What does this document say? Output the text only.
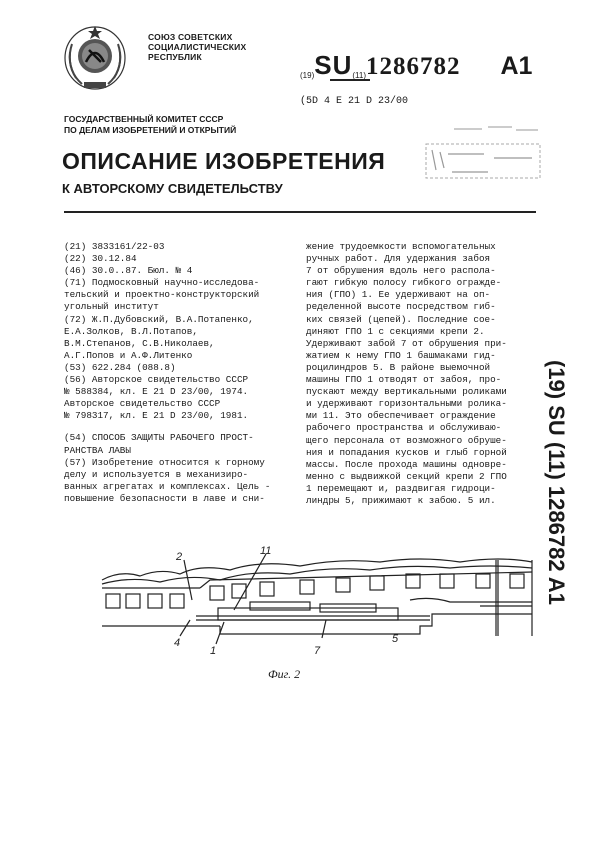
СОЮЗ СОВЕТСКИХ
СОЦИАЛИСТИЧЕСКИХ
РЕСПУБЛИК
$_{(19)}SU_{(11)}1286782$ A1
(5D 4 E 21 D 23/00
ГОСУДАРСТВЕННЫЙ КОМИТЕТ СССР
ПО ДЕЛАМ ИЗОБРЕТЕНИЙ И ОТКРЫТИЙ
ОПИСАНИЕ ИЗОБРЕТЕНИЯ
К АВТОРСКОМУ СВИДЕТЕЛЬСТВУ
(21) 3833161/22-03
(22) 30.12.84
(46) 30.0..87. Бюл. № 4
(71) Подмосковный научно-исследова-
тельский и проектно-конструкторский
угольный институт
(72) Ж.П.Дубовский, В.А.Потапенко,
Е.А.Золков, В.Л.Потапов,
В.М.Степанов, С.В.Николаев,
А.Г.Попов и А.Ф.Литенко
(53) 622.284 (088.8)
(56) Авторское свидетельство СССР
№ 588384, кл. Е 21 D 23/00, 1974.
Авторское свидетельство СССР
№ 798317, кл. Е 21 D 23/00, 1981.
(54) СПОСОБ ЗАЩИТЫ РАБОЧЕГО ПРОСТ-
РАНСТВА ЛАВЫ
(57) Изобретение относится к горному
делу и используется в механизиро-
ванных агрегатах и комплексах. Цель -
повышение безопасности в лаве и сни-
жение трудоемкости вспомогательных
ручных работ. Для удержания забоя
7 от обрушения вдоль него распола-
гают гибкую полосу гибкого огражде-
ния (ГПО) 1. Ее удерживают на оп-
ределенной высоте посредством гиб-
ких связей (цепей). Последние сое-
диняют ГПО 1 с секциями крепи 2.
Удерживают забой 7 от обрушения при-
жатием к нему ГПО 1 башмаками гид-
роцилиндров 5. В районе выемочной
машины ГПО 1 отводят от забоя, про-
пускают между вертикальными роликами
и удерживают горизонтальными ролика-
ми 11. Это обеспечивает ограждение
рабочего пространства и обслуживаю-
щего персонала от возможного обруше-
ния и попадания кусков и глыб горной
массы. После прохода машины одновре-
менно с выдвижкой секций крепи 2 ГПО
1 перемещают и, раздвигая гидроци-
линдры 5, прижимают к забою. 5 ил.	(19) SU (11) 1286782 A1
2	11
4
1	7
5
Фиг. 2
